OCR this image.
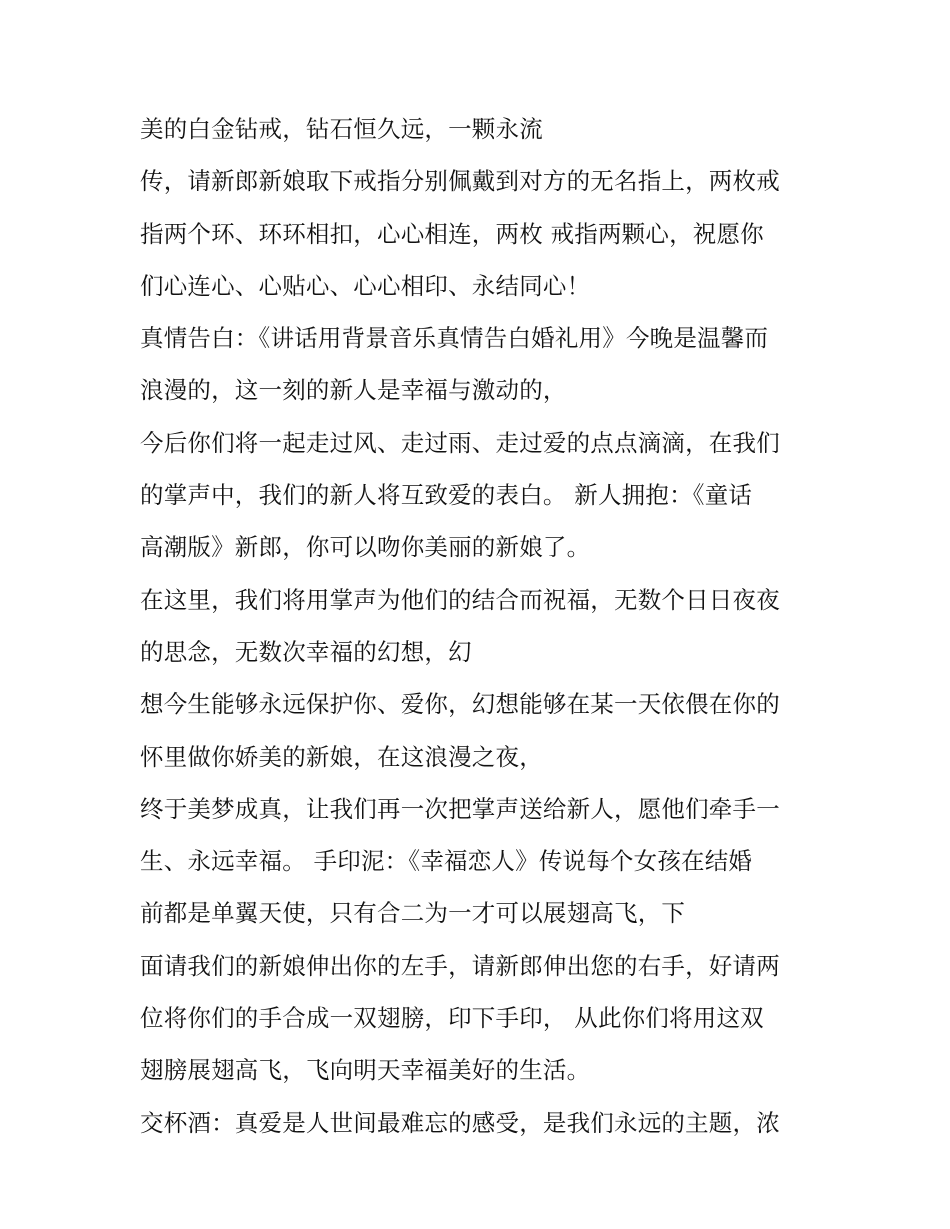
美的白金钻戒，钻石恒久远，一颗永流
传，请新郎新娘取下戒指分别佩戴到对方的无名指上，两枚戒
指两个环、环环相扣，心心相连，两枚 戒指两颗心，祝愿你
们心连心、心贴心、心心相印、永结同心！
真情告白：《讲话用背景音乐真情告白婚礼用》今晚是温馨而
浪漫的，这一刻的新人是幸福与激动的，
今后你们将一起走过风、走过雨、走过爱的点点滴滴，在我们
的掌声中，我们的新人将互致爱的表白。 新人拥抱：《童话
高潮版》新郎，你可以吻你美丽的新娘了。
在这里，我们将用掌声为他们的结合而祝福，无数个日日夜夜
的思念，无数次幸福的幻想，幻
想今生能够永远保护你、爱你，幻想能够在某一天依偎在你的
怀里做你娇美的新娘，在这浪漫之夜，
终于美梦成真，让我们再一次把掌声送给新人，愿他们牵手一
生、永远幸福。 手印泥：《幸福恋人》传说每个女孩在结婚
前都是单翼天使，只有合二为一才可以展翅高飞，下
面请我们的新娘伸出你的左手，请新郎伸出您的右手，好请两
位将你们的手合成一双翅膀，印下手印， 从此你们将用这双
翅膀展翅高飞，飞向明天幸福美好的生活。
交杯酒：真爱是人世间最难忘的感受，是我们永远的主题，浓
